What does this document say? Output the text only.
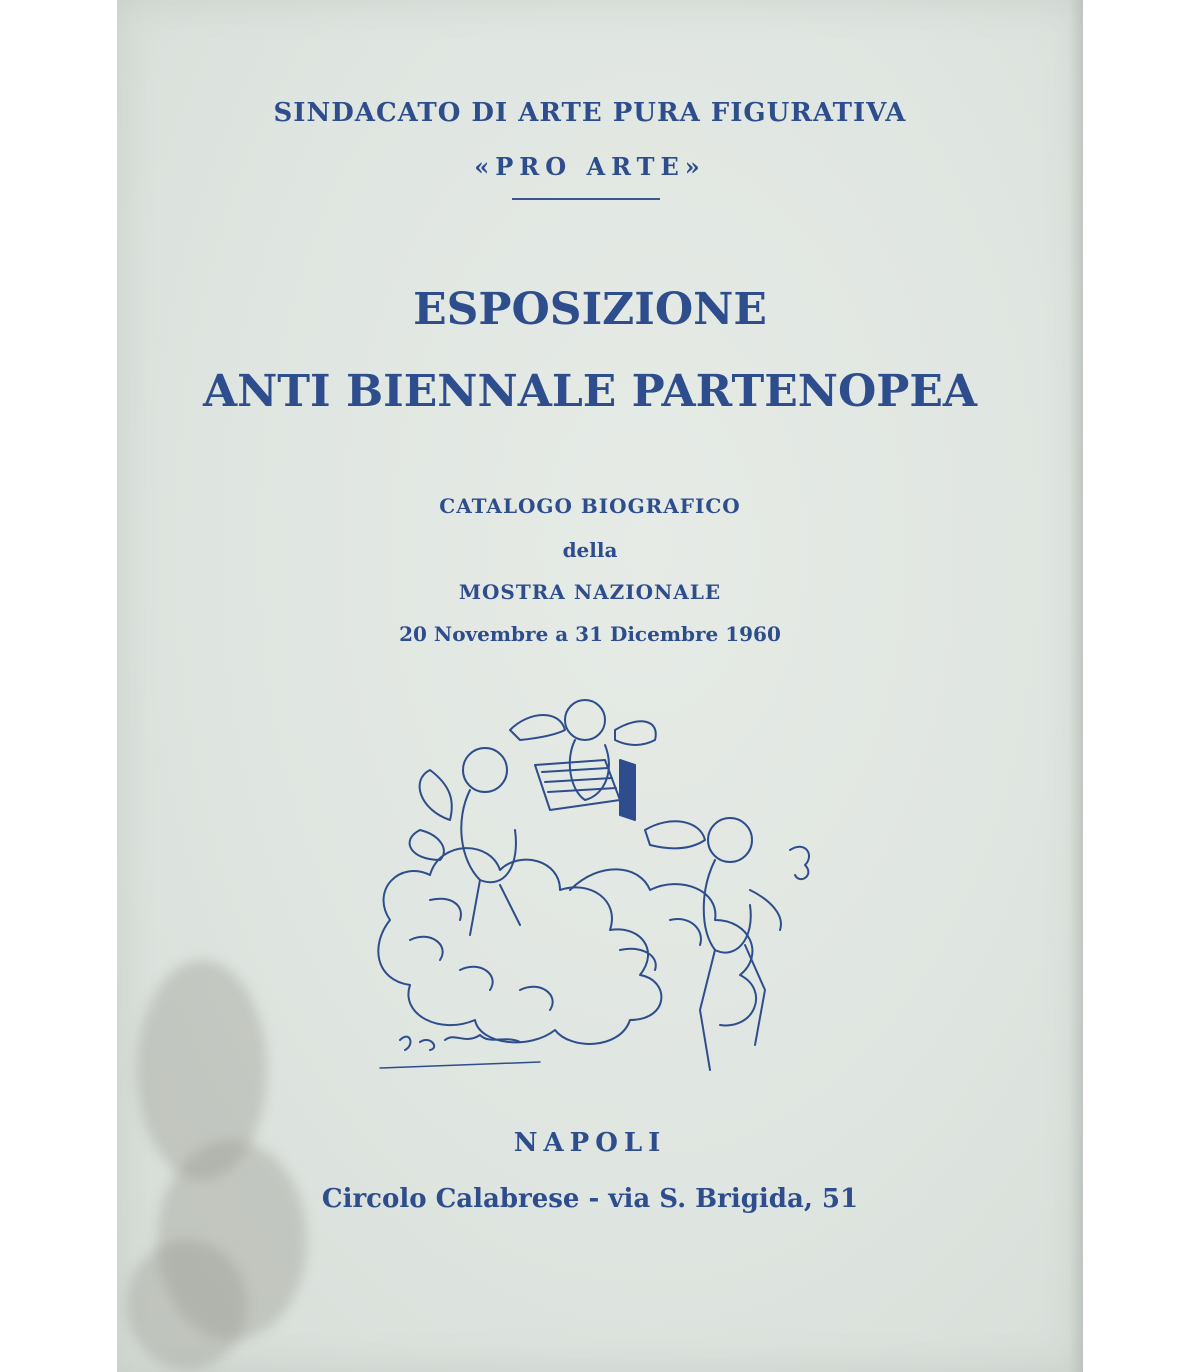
SINDACATO DI ARTE PURA FIGURATIVA
«PRO ARTE»
ESPOSIZIONE
ANTI BIENNALE PARTENOPEA
CATALOGO BIOGRAFICO
della
MOSTRA NAZIONALE
20 Novembre a 31 Dicembre 1960
NAPOLI
Circolo Calabrese - via S. Brigida, 51
